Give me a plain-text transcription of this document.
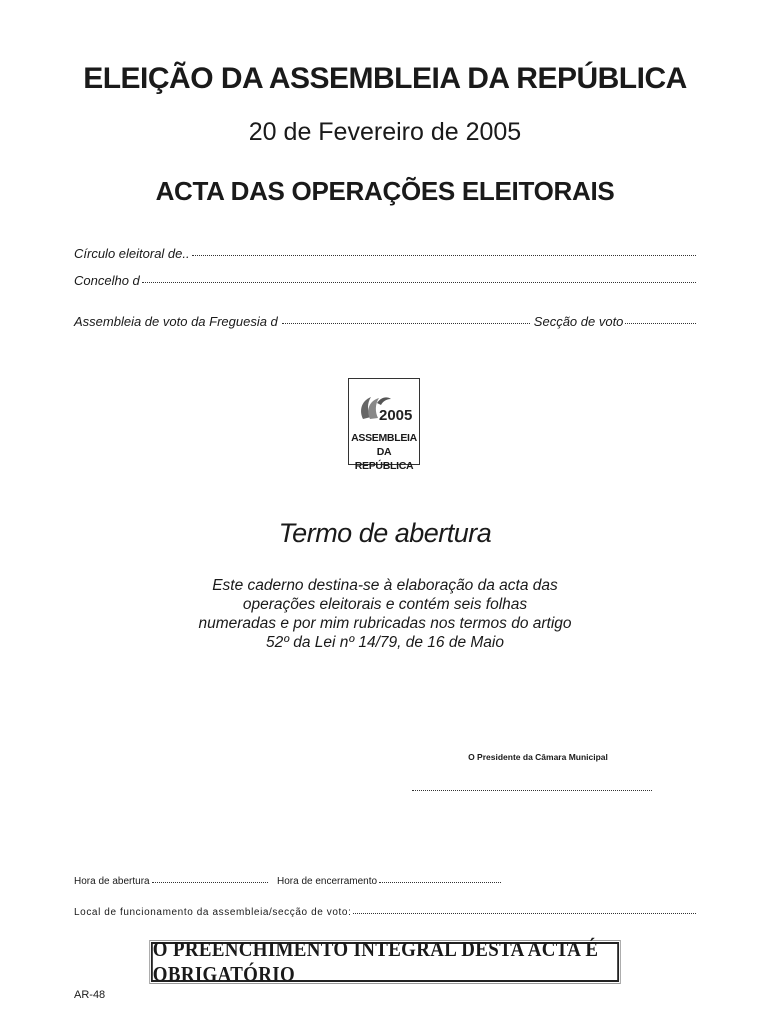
ELEIÇÃO DA ASSEMBLEIA DA REPÚBLICA
20 de Fevereiro de 2005
ACTA DAS OPERAÇÕES ELEITORAIS
Círculo eleitoral de..
Concelho d
Assembleia de voto da Freguesia d	Secção de voto
2005
ASSEMBLEIA
DA REPÚBLICA
Termo de abertura
Este caderno destina-se à elaboração da acta das
operações eleitorais e contém seis folhas
numeradas e por mim rubricadas nos termos do artigo
52º da Lei nº 14/79, de 16 de Maio
O Presidente da Câmara Municipal
Hora de abertura	Hora de encerramento
Local de funcionamento da assembleia/secção de voto:
O PREENCHIMENTO INTEGRAL DESTA ACTA É OBRIGATÓRIO
AR-48
